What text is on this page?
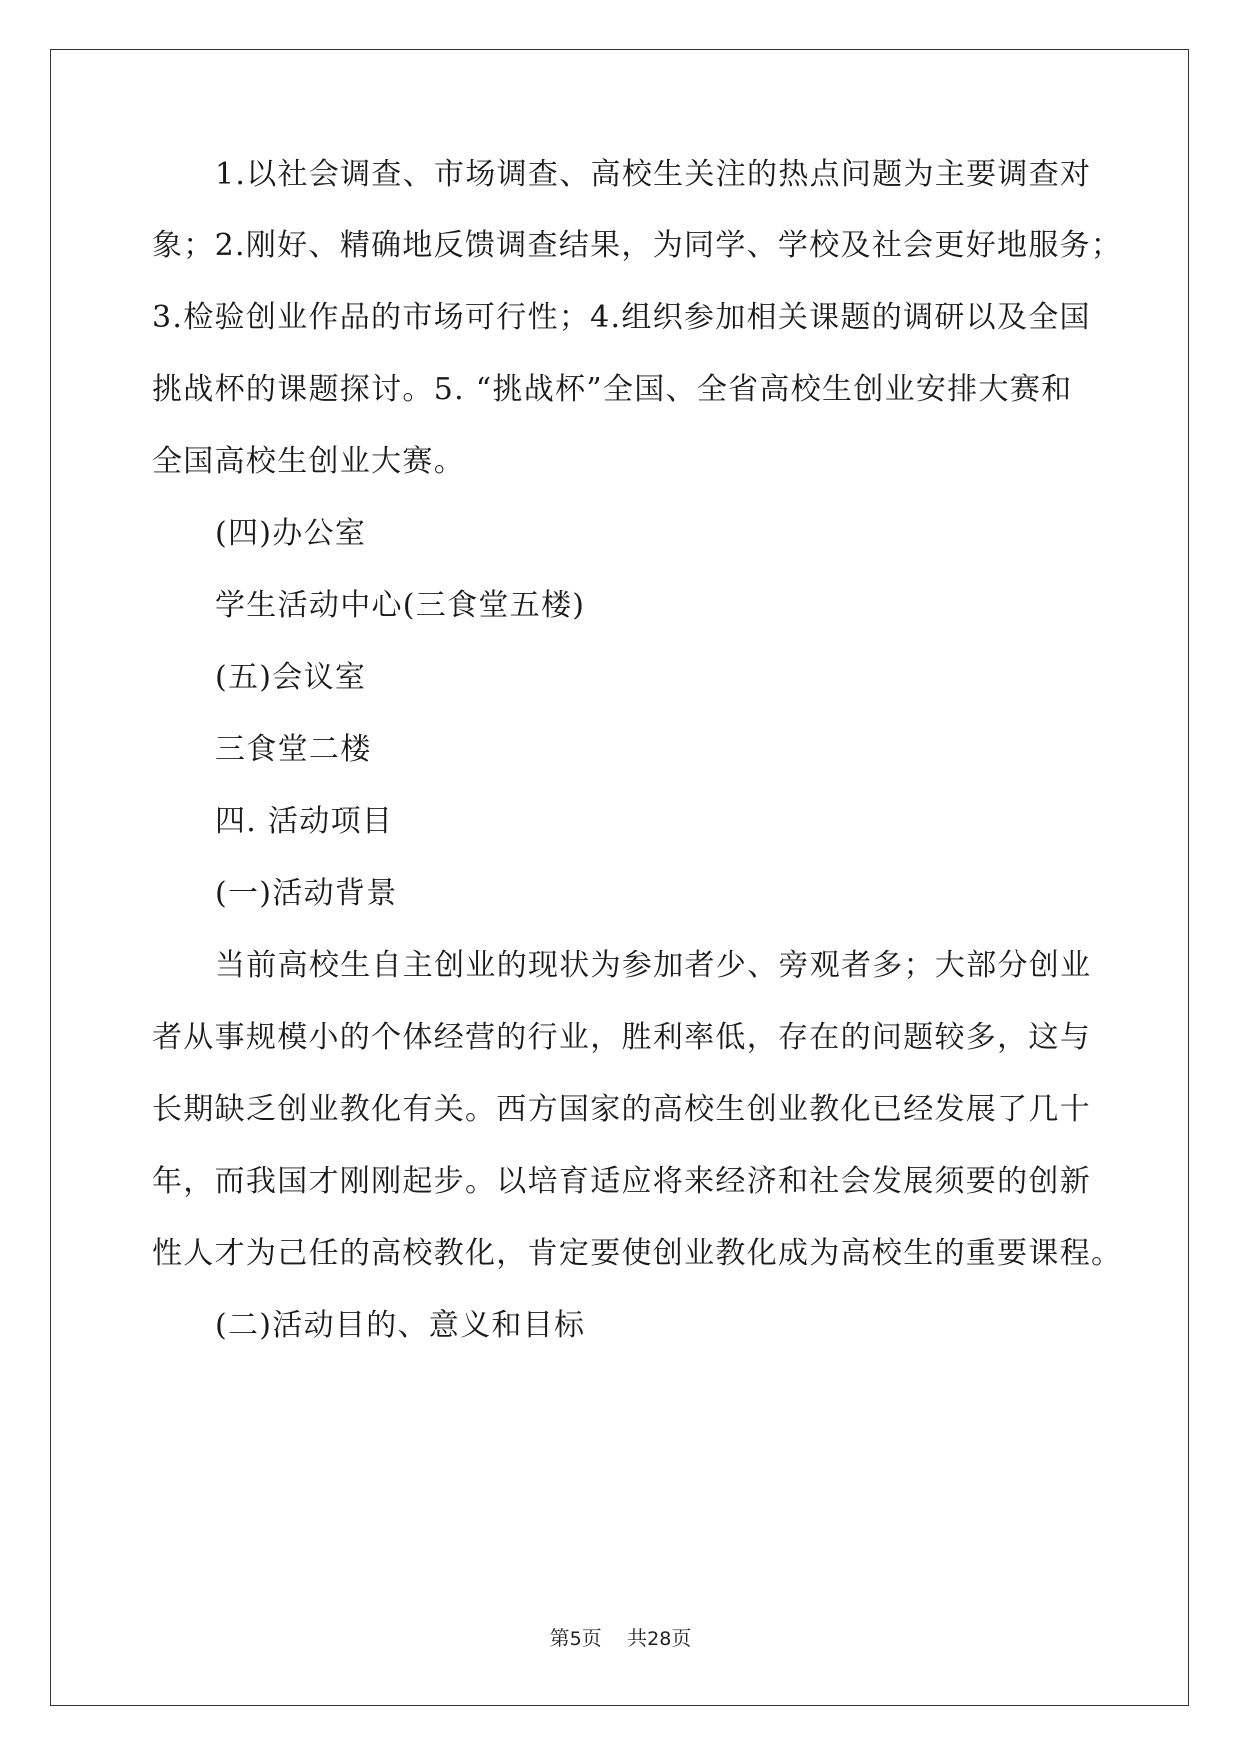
1.以社会调查、市场调查、高校生关注的热点问题为主要调查对

象；2.刚好、精确地反馈调查结果，为同学、学校及社会更好地服务；

3.检验创业作品的市场可行性；4.组织参加相关课题的调研以及全国

挑战杯的课题探讨。5. “挑战杯”全国、全省高校生创业安排大赛和

全国高校生创业大赛。

(四)办公室

学生活动中心(三食堂五楼)

(五)会议室

三食堂二楼

四. 活动项目

(一)活动背景

当前高校生自主创业的现状为参加者少、旁观者多；大部分创业

者从事规模小的个体经营的行业，胜利率低，存在的问题较多，这与

长期缺乏创业教化有关。西方国家的高校生创业教化已经发展了几十

年，而我国才刚刚起步。以培育适应将来经济和社会发展须要的创新

性人才为己任的高校教化，肯定要使创业教化成为高校生的重要课程。

(二)活动目的、意义和目标

第5页    共28页
